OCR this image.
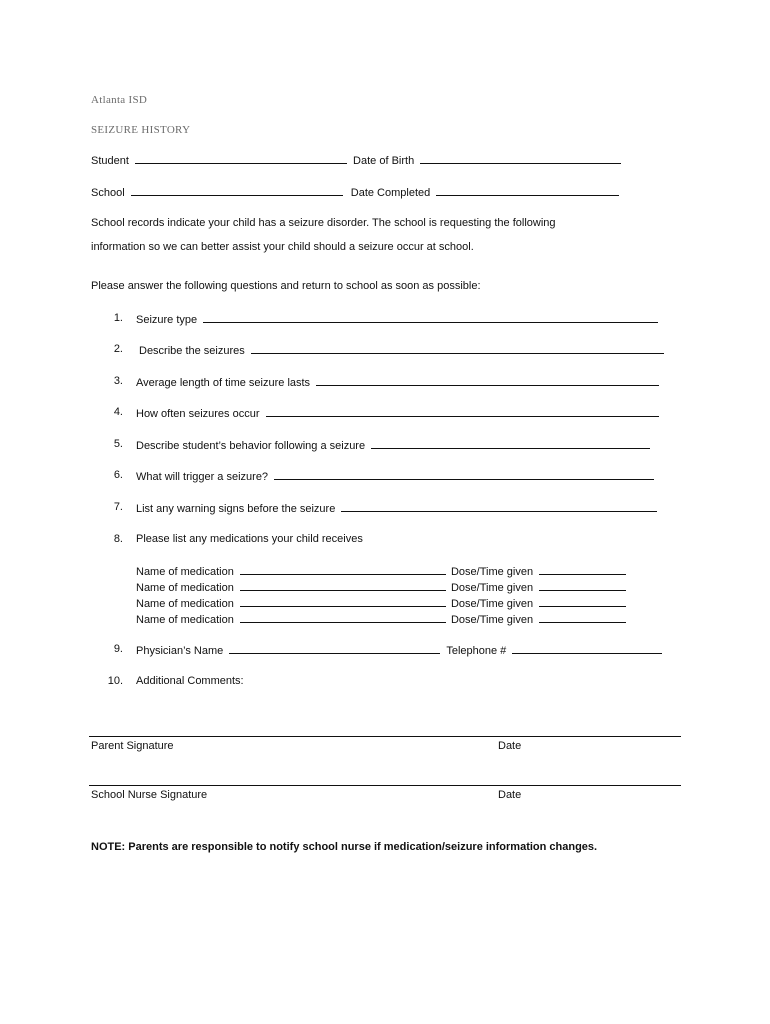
Atlanta ISD
SEIZURE HISTORY
Student	Date of Birth
School	Date Completed
School records indicate your child has a seizure disorder. The school is requesting the following
information so we can better assist your child should a seizure occur at school.
Please answer the following questions and return to school as soon as possible:
1. Seizure type
2. Describe the seizures
3. Average length of time seizure lasts
4. How often seizures occur
5. Describe student’s behavior following a seizure
6. What will trigger a seizure?
7. List any warning signs before the seizure
8. Please list any medications your child receives
Name of medication	Dose/Time given
Name of medication	Dose/Time given
Name of medication	Dose/Time given
Name of medication	Dose/Time given
9. Physician’s Name	Telephone #
10. Additional Comments:
Parent Signature	Date
School Nurse Signature	Date
NOTE: Parents are responsible to notify school nurse if medication/seizure information changes.
